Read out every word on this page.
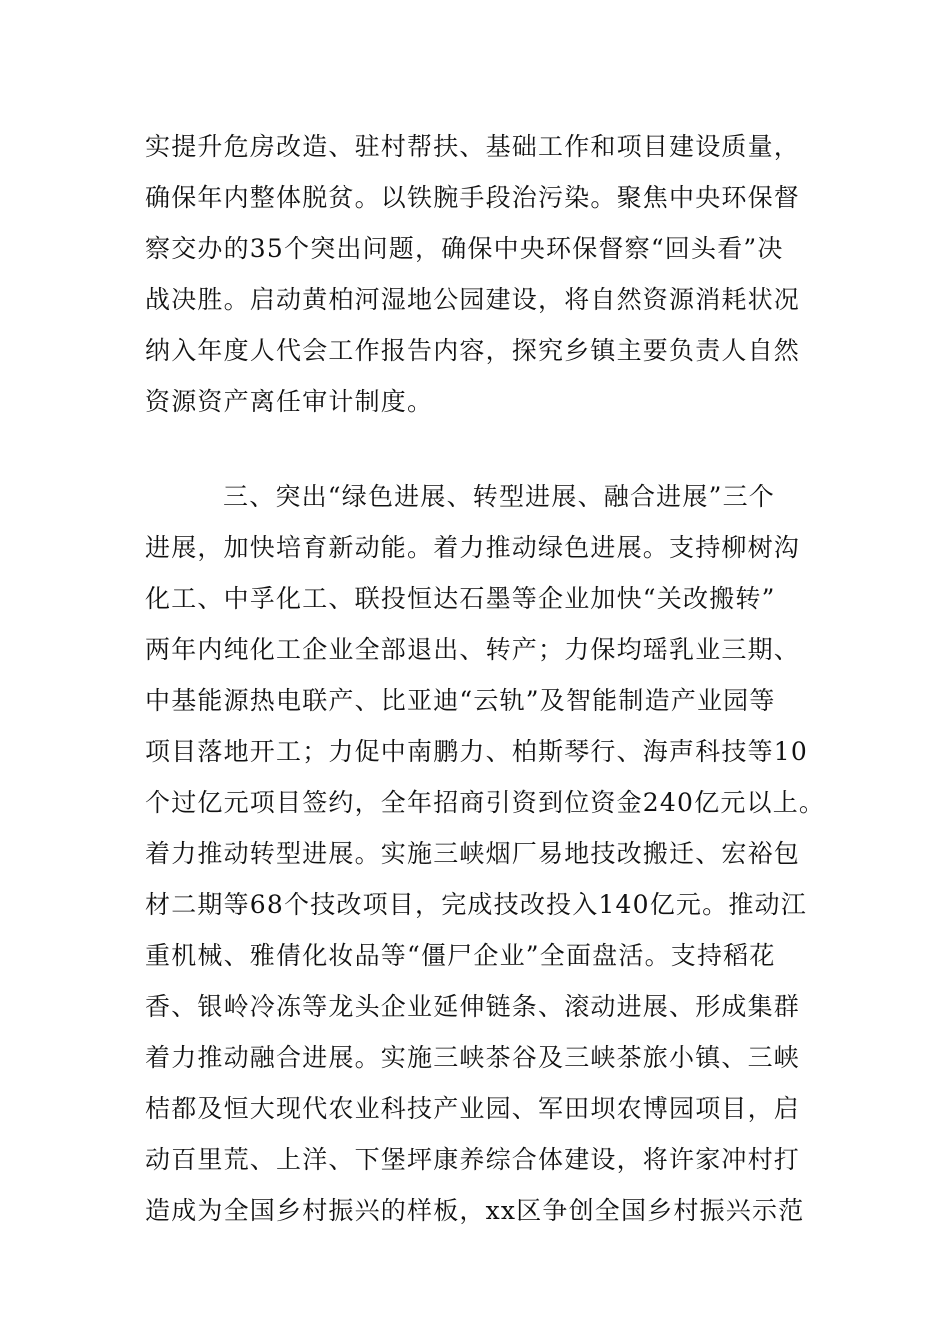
实提升危房改造、驻村帮扶、基础工作和项目建设质量，
确保年内整体脱贫。以铁腕手段治污染。聚焦中央环保督
察交办的35个突出问题，确保中央环保督察“回头看”决
战决胜。启动黄柏河湿地公园建设，将自然资源消耗状况
纳入年度人代会工作报告内容，探究乡镇主要负责人自然
资源资产离任审计制度。
三、突出“绿色进展、转型进展、融合进展”三个
进展，加快培育新动能。着力推动绿色进展。支持柳树沟
化工、中孚化工、联投恒达石墨等企业加快“关改搬转”
两年内纯化工企业全部退出、转产；力保均瑶乳业三期、
中基能源热电联产、比亚迪“云轨”及智能制造产业园等
项目落地开工；力促中南鹏力、柏斯琴行、海声科技等10
个过亿元项目签约，全年招商引资到位资金240亿元以上。
着力推动转型进展。实施三峡烟厂易地技改搬迁、宏裕包
材二期等68个技改项目，完成技改投入140亿元。推动江
重机械、雅倩化妆品等“僵尸企业”全面盘活。支持稻花
香、银岭冷冻等龙头企业延伸链条、滚动进展、形成集群
着力推动融合进展。实施三峡茶谷及三峡茶旅小镇、三峡
桔都及恒大现代农业科技产业园、军田坝农博园项目，启
动百里荒、上洋、下堡坪康养综合体建设，将许家冲村打
造成为全国乡村振兴的样板，xx区争创全国乡村振兴示范
